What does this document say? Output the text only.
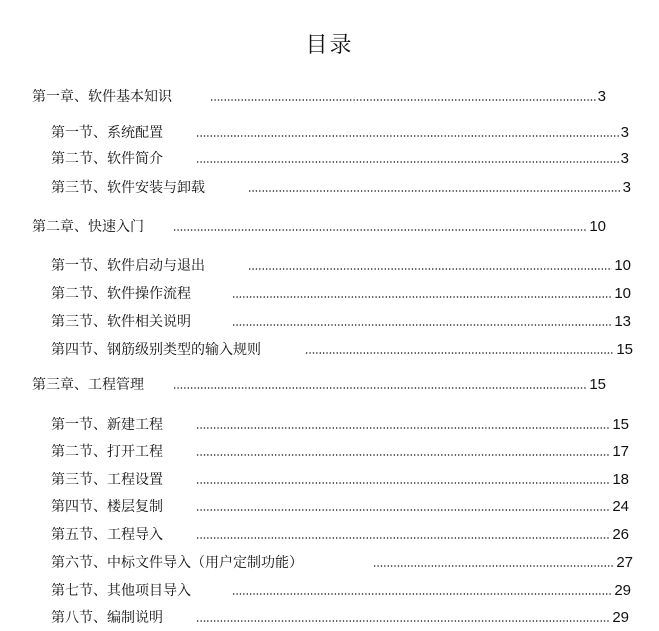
目录
第一章、软件基本知识	3
第一节、系统配置	3
第二节、软件简介	3
第三节、软件安装与卸载	3
第二章、快速入门	10
第一节、软件启动与退出	10
第二节、软件操作流程	10
第三节、软件相关说明	13
第四节、钢筋级别类型的输入规则	15
第三章、工程管理	15
第一节、新建工程	15
第二节、打开工程	17
第三节、工程设置	18
第四节、楼层复制	24
第五节、工程导入	26
第六节、中标文件导入（用户定制功能）	27
第七节、其他项目导入	29
第八节、编制说明	29
